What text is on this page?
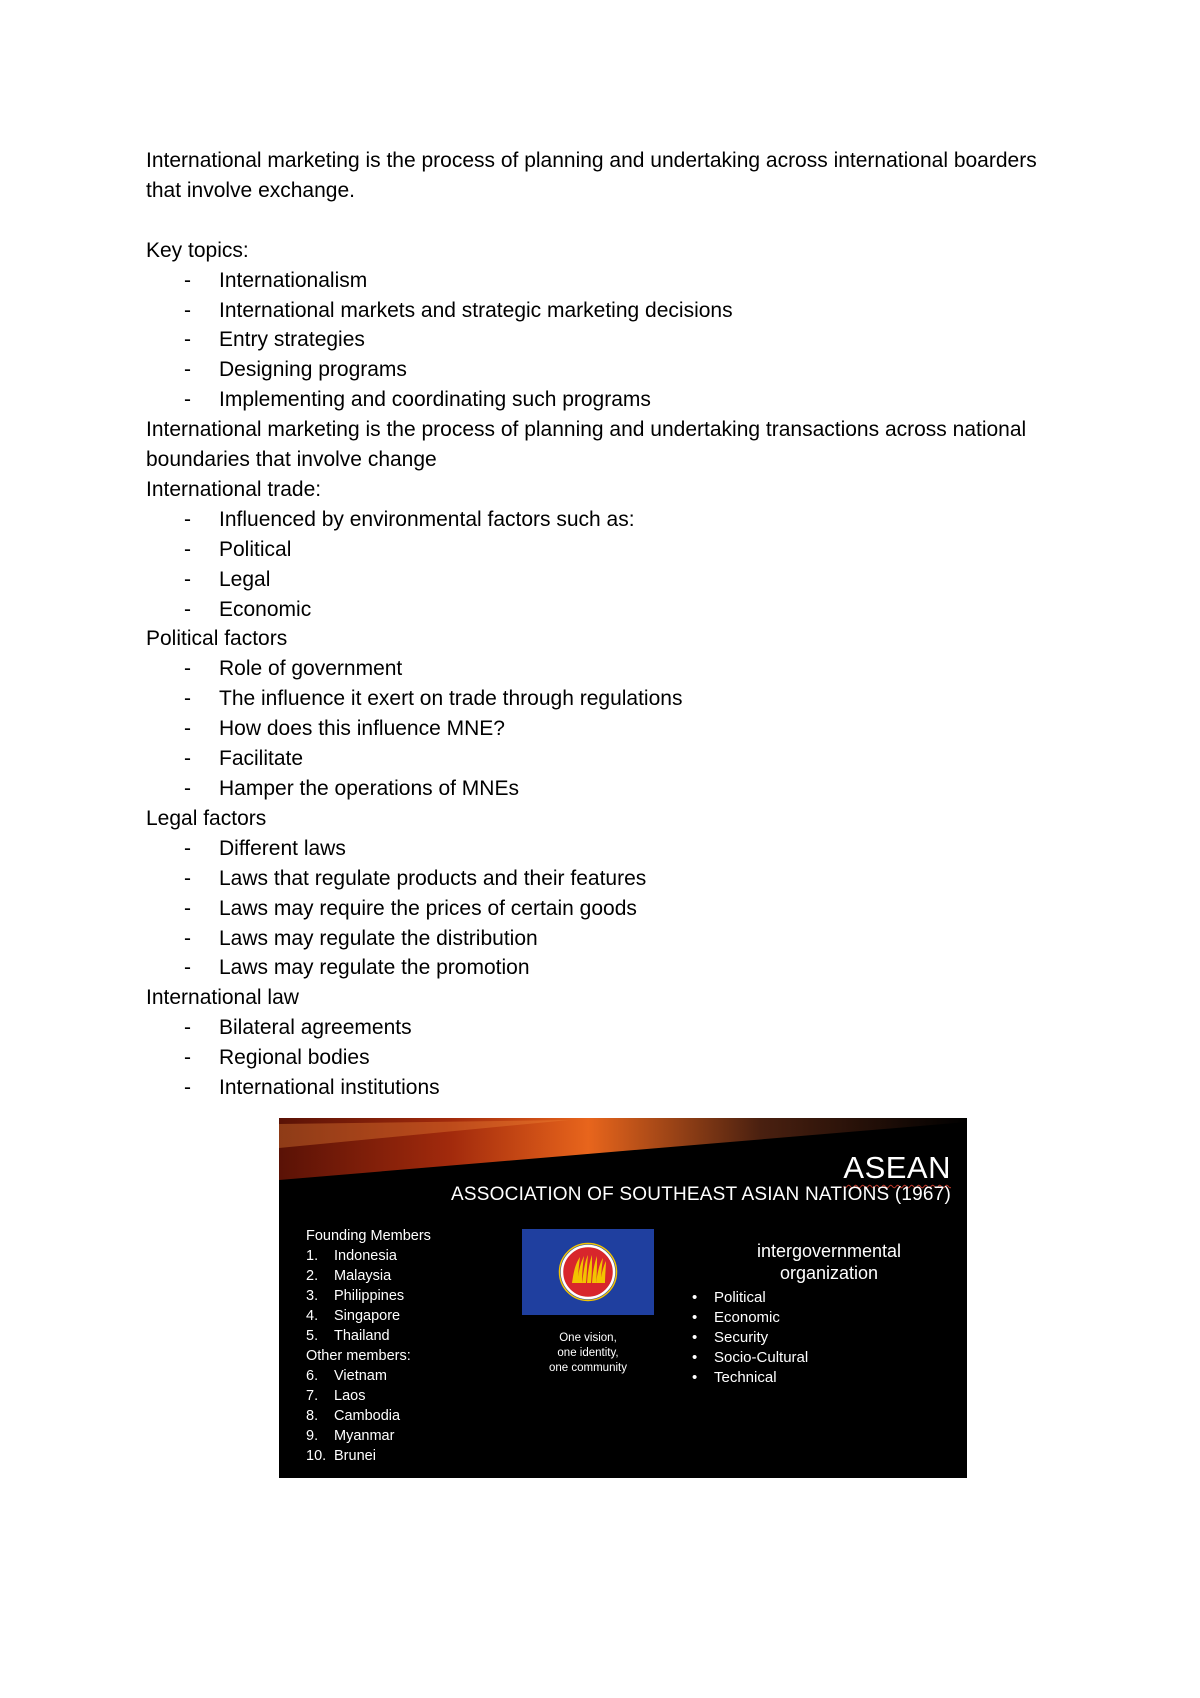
International marketing is the process of planning and undertaking across international boarders that involve exchange.

Key topics:

- Internationalism
- International markets and strategic marketing decisions
- Entry strategies
- Designing programs
- Implementing and coordinating such programs

International marketing is the process of planning and undertaking transactions across national boundaries that involve change

International trade:

- Influenced by environmental factors such as:
- Political
- Legal
- Economic

Political factors

- Role of government
- The influence it exert on trade through regulations
- How does this influence MNE?
- Facilitate
- Hamper the operations of MNEs

Legal factors

- Different laws
- Laws that regulate products and their features
- Laws may require the prices of certain goods
- Laws may regulate the distribution
- Laws may regulate the promotion

International law

- Bilateral agreements
- Regional bodies
- International institutions
ASEAN
ASSOCIATION OF SOUTHEAST ASIAN NATIONS (1967)
Founding Members
1.	Indonesia
2.	Malaysia
3.	Philippines
4.	Singapore
5.	Thailand
Other members:
6.	Vietnam
7.	Laos
8.	Cambodia
9.	Myanmar
10. Brunei
One vision,
one identity,
one community
intergovernmental
organization
• Political
• Economic
• Security
• Socio-Cultural
• Technical
